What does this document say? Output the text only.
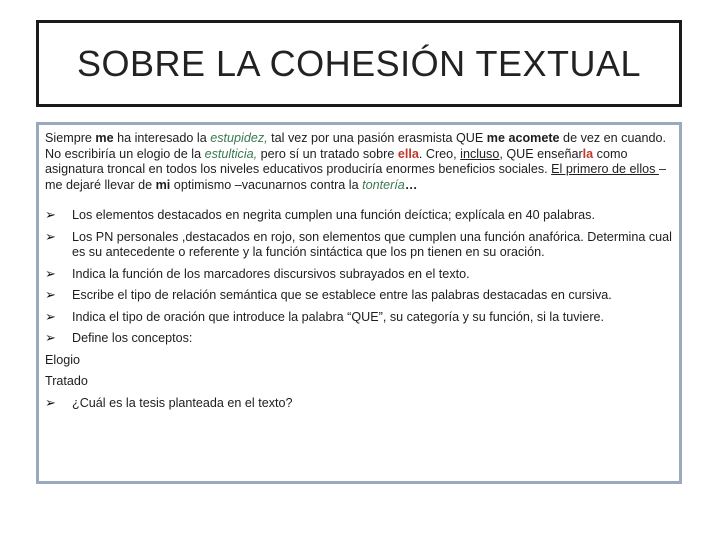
SOBRE LA COHESIÓN TEXTUAL

Siempre me ha interesado la estupidez, tal vez por una pasión erasmista QUE me acomete de vez en cuando. No escribiría un elogio de la estulticia, pero sí un tratado sobre ella. Creo, incluso, QUE enseñarla como asignatura troncal en todos los niveles educativos produciría enormes beneficios sociales. El primero de ellos –me dejaré llevar de mi optimismo –vacunarnos contra la tontería…

➢	Los elementos destacados en negrita cumplen una función deíctica; explícala en 40 palabras.
➢	Los PN personales ,destacados en rojo, son elementos que cumplen una función anafórica. Determina cual es su antecedente o referente y la función sintáctica que los pn tienen en su oración.
➢	Indica la función de los marcadores discursivos subrayados en el texto.
➢	Escribe el tipo de relación semántica que se establece entre las palabras destacadas en cursiva.
➢	Indica el tipo de oración que introduce la palabra “QUE”, su categoría y su función, si la tuviere.
➢	Define los conceptos:

Elogio

Tratado

➢	¿Cuál es la tesis planteada en el texto?
